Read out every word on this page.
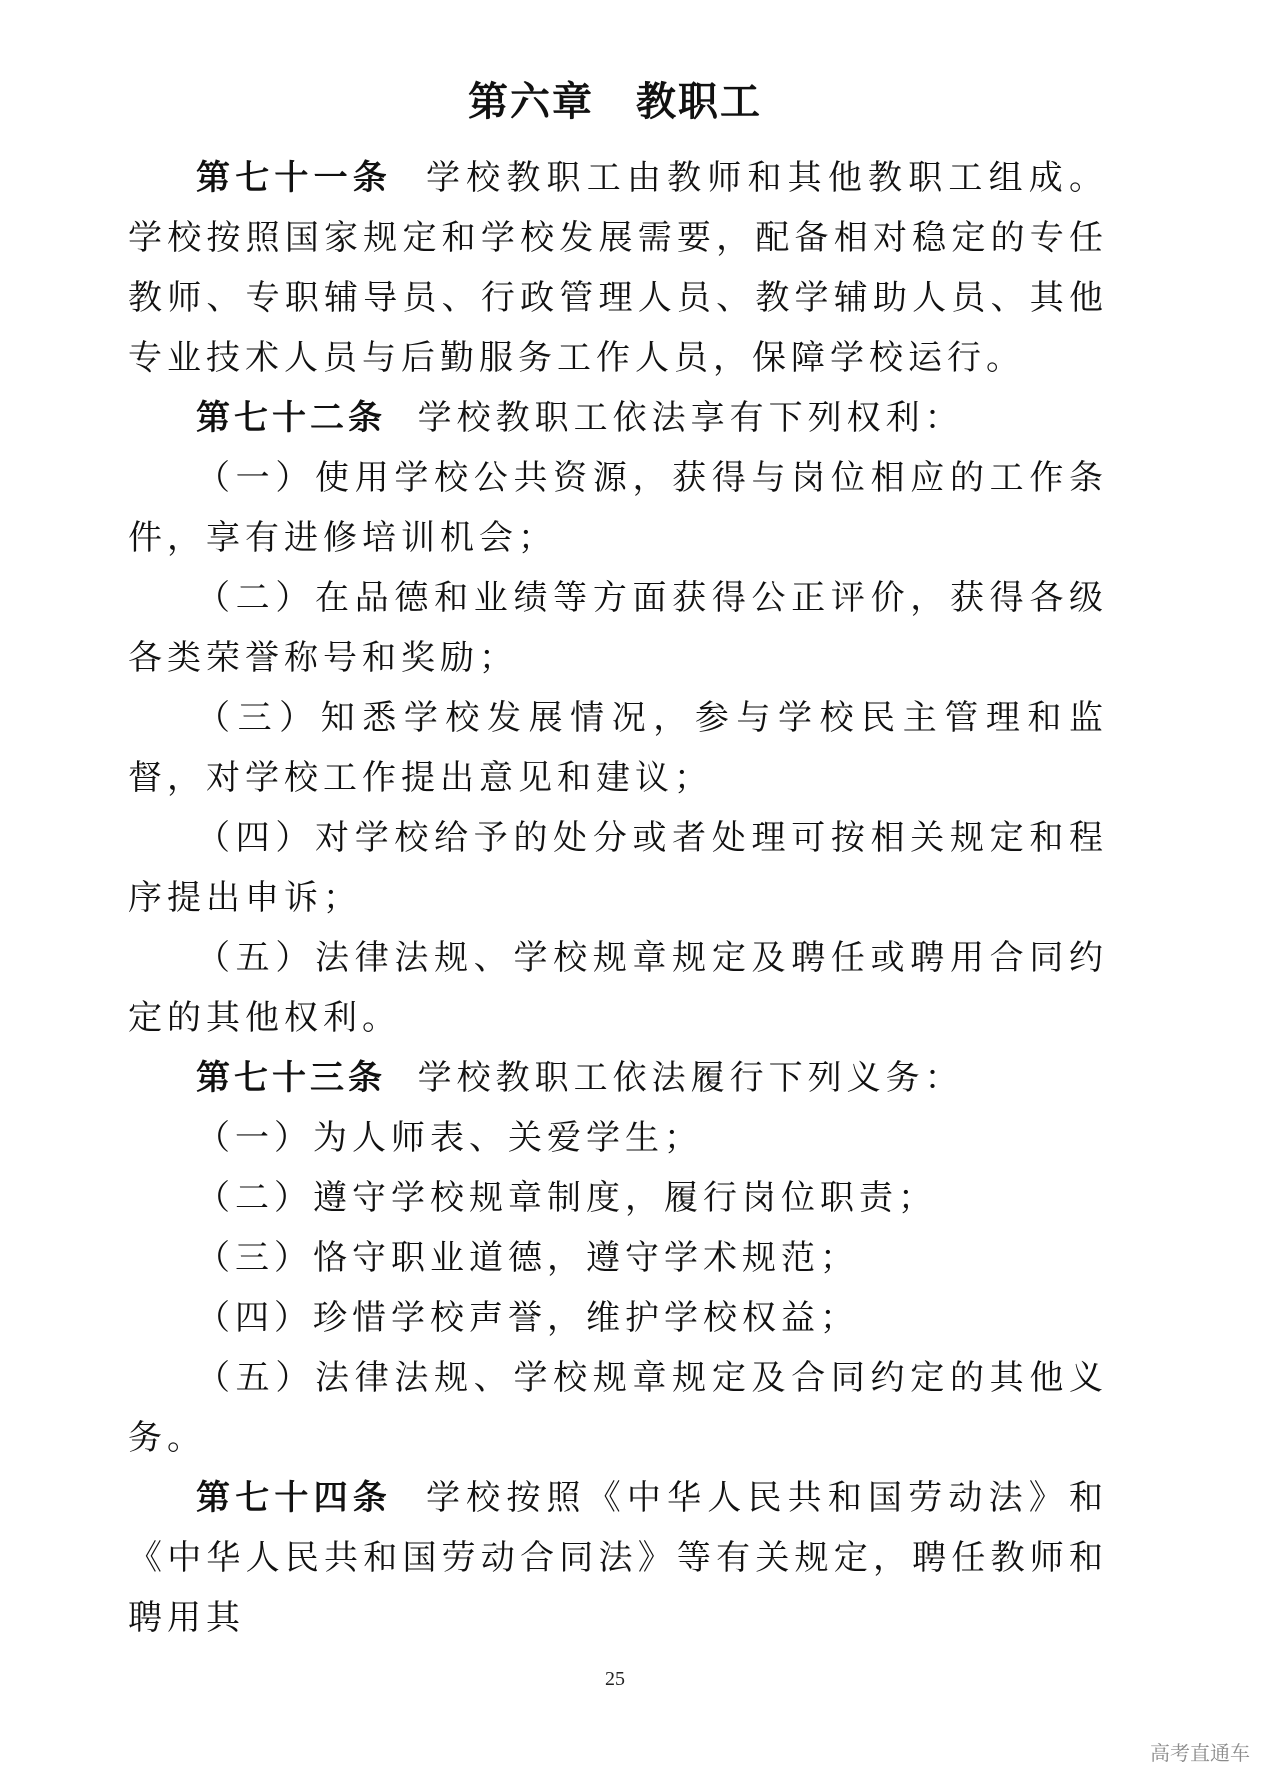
第六章　教职工

第七十一条 学校教职工由教师和其他教职工组成。学校按照国家规定和学校发展需要，配备相对稳定的专任教师、专职辅导员、行政管理人员、教学辅助人员、其他专业技术人员与后勤服务工作人员，保障学校运行。

第七十二条 学校教职工依法享有下列权利：

（一）使用学校公共资源，获得与岗位相应的工作条件，享有进修培训机会；

（二）在品德和业绩等方面获得公正评价，获得各级各类荣誉称号和奖励；

（三）知悉学校发展情况，参与学校民主管理和监督，对学校工作提出意见和建议；

（四）对学校给予的处分或者处理可按相关规定和程序提出申诉；

（五）法律法规、学校规章规定及聘任或聘用合同约定的其他权利。

第七十三条 学校教职工依法履行下列义务：

（一）为人师表、关爱学生；

（二）遵守学校规章制度，履行岗位职责；

（三）恪守职业道德，遵守学术规范；

（四）珍惜学校声誉，维护学校权益；

（五）法律法规、学校规章规定及合同约定的其他义务。

第七十四条 学校按照《中华人民共和国劳动法》和《中华人民共和国劳动合同法》等有关规定，聘任教师和聘用其

25
高考直通车
